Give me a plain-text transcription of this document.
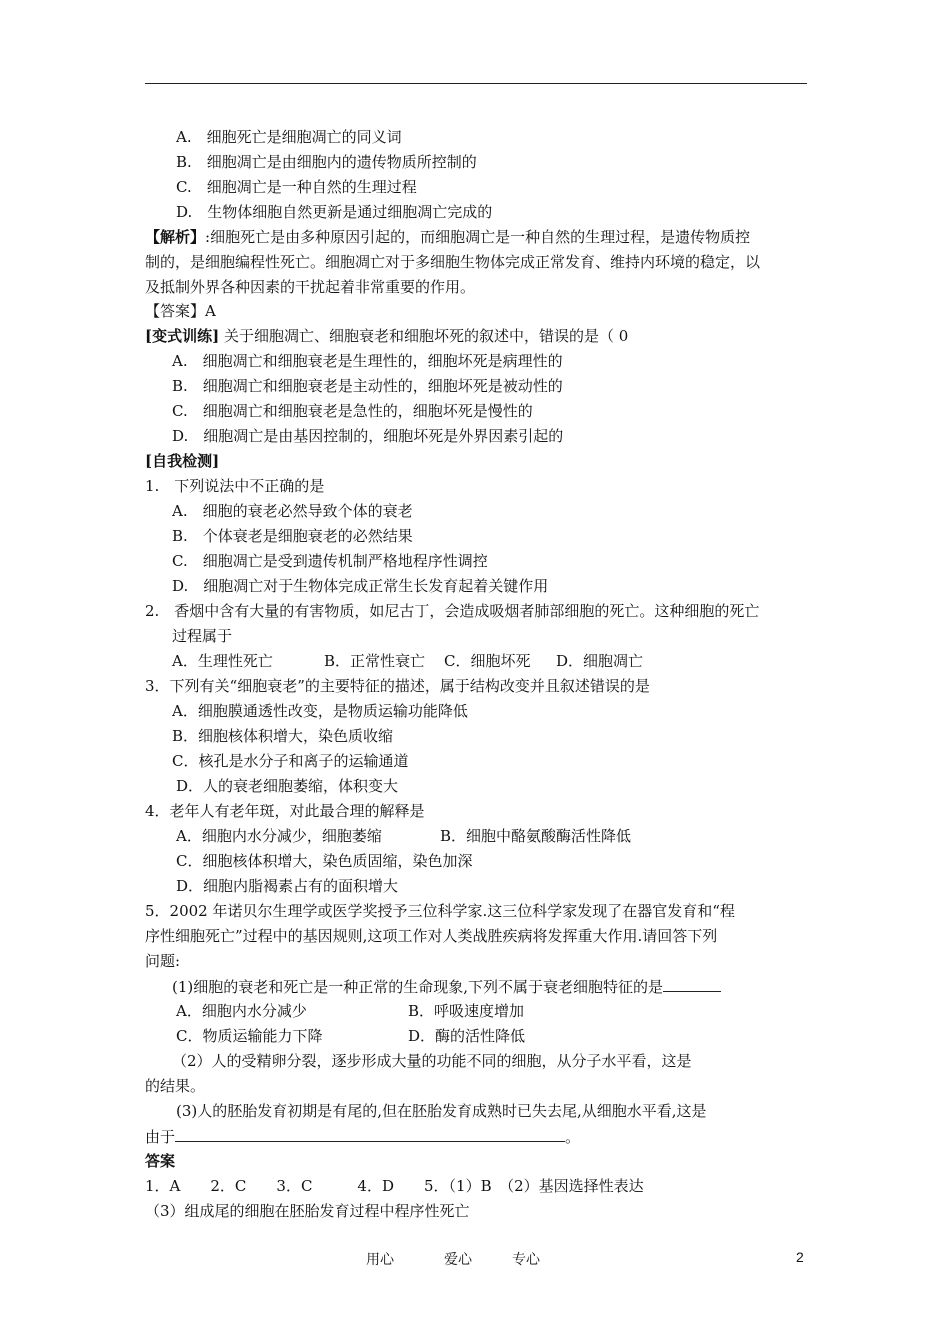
A.　细胞死亡是细胞凋亡的同义词
B.　细胞凋亡是由细胞内的遗传物质所控制的
C.　细胞凋亡是一种自然的生理过程
D.　生物体细胞自然更新是通过细胞凋亡完成的
【解析】:细胞死亡是由多种原因引起的，而细胞凋亡是一种自然的生理过程，是遗传物质控
制的，是细胞编程性死亡。细胞凋亡对于多细胞生物体完成正常发育、维持内环境的稳定，以
及抵制外界各种因素的干扰起着非常重要的作用。
【答案】A
[变式训练] 关于细胞凋亡、细胞衰老和细胞坏死的叙述中，错误的是（ 0
A.　细胞凋亡和细胞衰老是生理性的，细胞坏死是病理性的
B.　细胞凋亡和细胞衰老是主动性的，细胞坏死是被动性的
C.　细胞凋亡和细胞衰老是急性的，细胞坏死是慢性的
D.　细胞凋亡是由基因控制的，细胞坏死是外界因素引起的
[自我检测]
1.　下列说法中不正确的是
A.　细胞的衰老必然导致个体的衰老
B.　个体衰老是细胞衰老的必然结果
C.　细胞凋亡是受到遗传机制严格地程序性调控
D.　细胞凋亡对于生物体完成正常生长发育起着关键作用
2.　香烟中含有大量的有害物质，如尼古丁，会造成吸烟者肺部细胞的死亡。这种细胞的死亡
过程属于
A．生理性死亡	B．正常性衰亡 C．细胞坏死 D．细胞凋亡
3．下列有关“细胞衰老”的主要特征的描述，属于结构改变并且叙述错误的是
A．细胞膜通透性改变，是物质运输功能降低
B．细胞核体积增大，染色质收缩
C．核孔是水分子和离子的运输通道
D．人的衰老细胞萎缩，体积变大
4．老年人有老年斑，对此最合理的解释是
A．细胞内水分减少，细胞萎缩	B．细胞中酪氨酸酶活性降低
C．细胞核体积增大，染色质固缩，染色加深
D．细胞内脂褐素占有的面积增大
5．2002 年诺贝尔生理学或医学奖授予三位科学家.这三位科学家发现了在器官发育和“程
序性细胞死亡”过程中的基因规则,这项工作对人类战胜疾病将发挥重大作用.请回答下列
问题:
(1)细胞的衰老和死亡是一种正常的生命现象,下列不属于衰老细胞特征的是
A．细胞内水分减少	B．呼吸速度增加
C．物质运输能力下降	D．酶的活性降低
（2）人的受精卵分裂，逐步形成大量的功能不同的细胞，从分子水平看，这是
的结果。
(3)人的胚胎发育初期是有尾的,但在胚胎发育成熟时已失去尾,从细胞水平看,这是
由于	。
答案
1．A　　2．C　　3．C　　　4．D　　5．（1）B　（2）基因选择性表达
（3）组成尾的细胞在胚胎发育过程中程序性死亡
用心	爱心	专心	2
